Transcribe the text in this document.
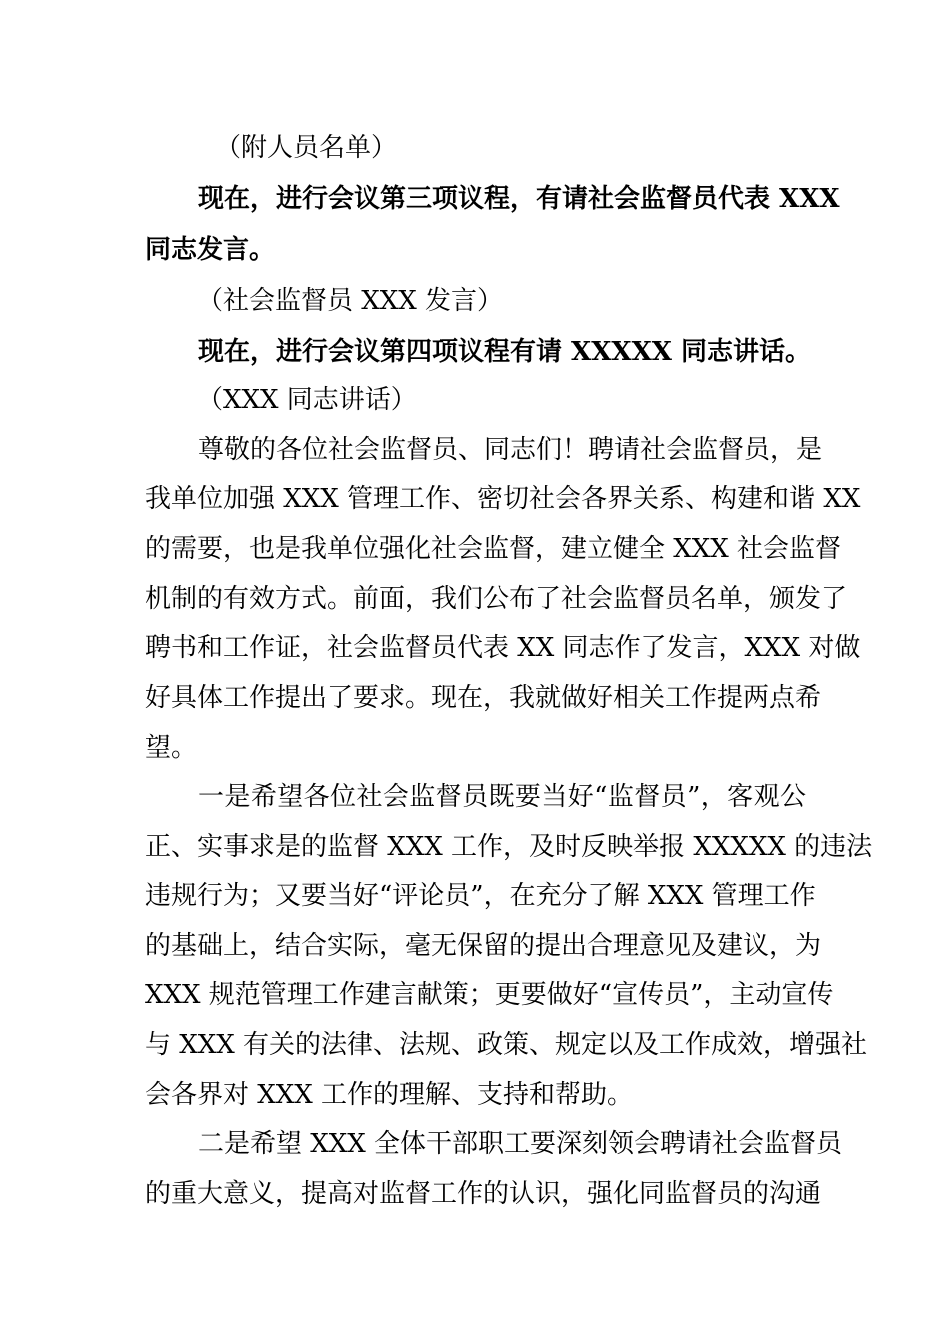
（附人员名单）
现在，进行会议第三项议程，有请社会监督员代表 XXX
同志发言。
（社会监督员 XXX 发言）
现在，进行会议第四项议程有请 XXXXX 同志讲话。
（XXX 同志讲话）
尊敬的各位社会监督员、同志们！聘请社会监督员，是
我单位加强 XXX 管理工作、密切社会各界关系、构建和谐 XX
的需要，也是我单位强化社会监督，建立健全 XXX 社会监督
机制的有效方式。前面，我们公布了社会监督员名单，颁发了
聘书和工作证，社会监督员代表 XX 同志作了发言，XXX 对做
好具体工作提出了要求。现在，我就做好相关工作提两点希
望。
一是希望各位社会监督员既要当好“监督员”，客观公
正、实事求是的监督 XXX 工作，及时反映举报 XXXXX 的违法
违规行为；又要当好“评论员”，在充分了解 XXX 管理工作
的基础上，结合实际，毫无保留的提出合理意见及建议，为
XXX 规范管理工作建言献策；更要做好“宣传员”，主动宣传
与 XXX 有关的法律、法规、政策、规定以及工作成效，增强社
会各界对 XXX 工作的理解、支持和帮助。
二是希望 XXX 全体干部职工要深刻领会聘请社会监督员
的重大意义，提高对监督工作的认识，强化同监督员的沟通
